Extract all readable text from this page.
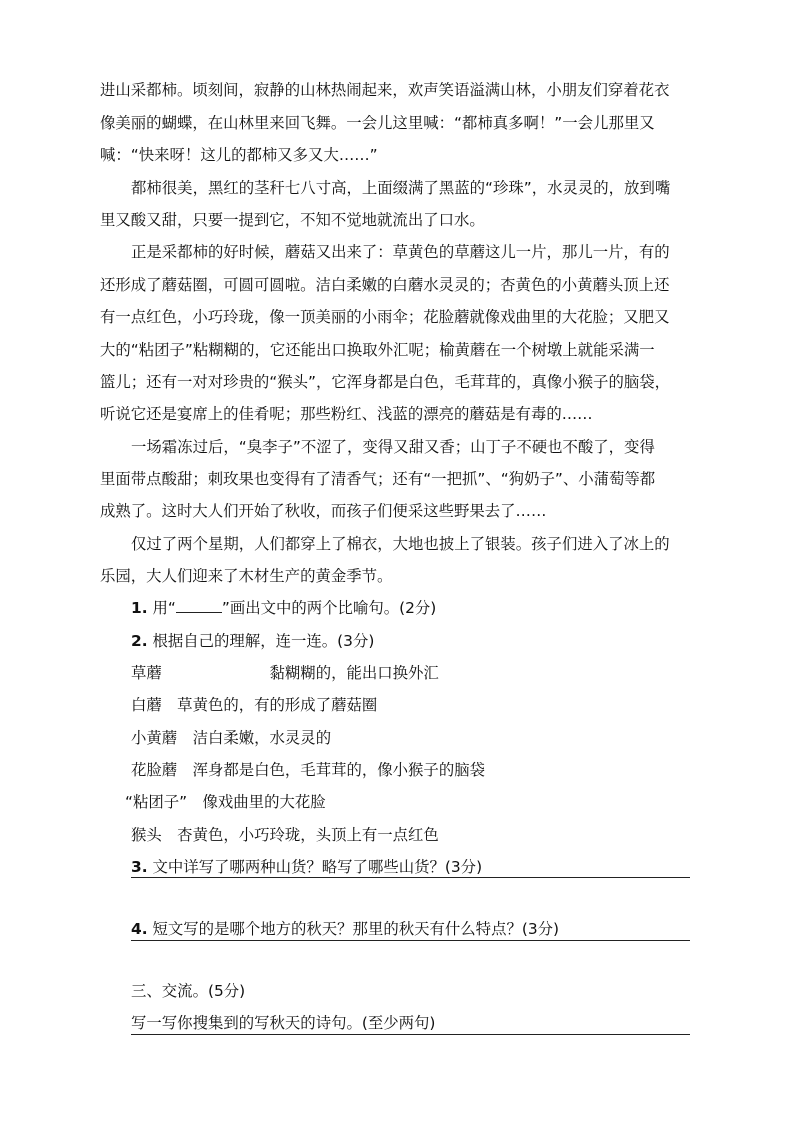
进山采都柿。顷刻间，寂静的山林热闹起来，欢声笑语溢满山林，小朋友们穿着花衣
像美丽的蝴蝶，在山林里来回飞舞。一会儿这里喊：“都柿真多啊！”一会儿那里又
喊：“快来呀！这儿的都柿又多又大……”
都柿很美，黑红的茎秆七八寸高，上面缀满了黑蓝的“珍珠”，水灵灵的，放到嘴
里又酸又甜，只要一提到它，不知不觉地就流出了口水。
正是采都柿的好时候，蘑菇又出来了：草黄色的草蘑这儿一片，那儿一片，有的
还形成了蘑菇圈，可圆可圆啦。洁白柔嫩的白蘑水灵灵的；杏黄色的小黄蘑头顶上还
有一点红色，小巧玲珑，像一顶美丽的小雨伞；花脸蘑就像戏曲里的大花脸；又肥又
大的“粘团子”粘糊糊的，它还能出口换取外汇呢；榆黄蘑在一个树墩上就能采满一
篮儿；还有一对对珍贵的“猴头”，它浑身都是白色，毛茸茸的，真像小猴子的脑袋，
听说它还是宴席上的佳肴呢；那些粉红、浅蓝的漂亮的蘑菇是有毒的……
一场霜冻过后，“臭李子”不涩了，变得又甜又香；山丁子不硬也不酸了，变得
里面带点酸甜；刺玫果也变得有了清香气；还有“一把抓”、“狗奶子”、小蒲萄等都
成熟了。这时大人们开始了秋收，而孩子们便采这些野果去了……
仅过了两个星期，人们都穿上了棉衣，大地也披上了银装。孩子们进入了冰上的
乐园，大人们迎来了木材生产的黄金季节。
1. 用“	”画出文中的两个比喻句。(2分)
2. 根据自己的理解，连一连。(3分)
草蘑　　　　　　　黏糊糊的，能出口换外汇
白蘑　草黄色的，有的形成了蘑菇圈
小黄蘑　洁白柔嫩，水灵灵的
花脸蘑　浑身都是白色，毛茸茸的，像小猴子的脑袋
“粘团子”　像戏曲里的大花脸
猴头　杏黄色，小巧玲珑，头顶上有一点红色
3. 文中详写了哪两种山货？略写了哪些山货？(3分)
4. 短文写的是哪个地方的秋天？那里的秋天有什么特点？(3分)
三、交流。(5分)
写一写你搜集到的写秋天的诗句。(至少两句)
